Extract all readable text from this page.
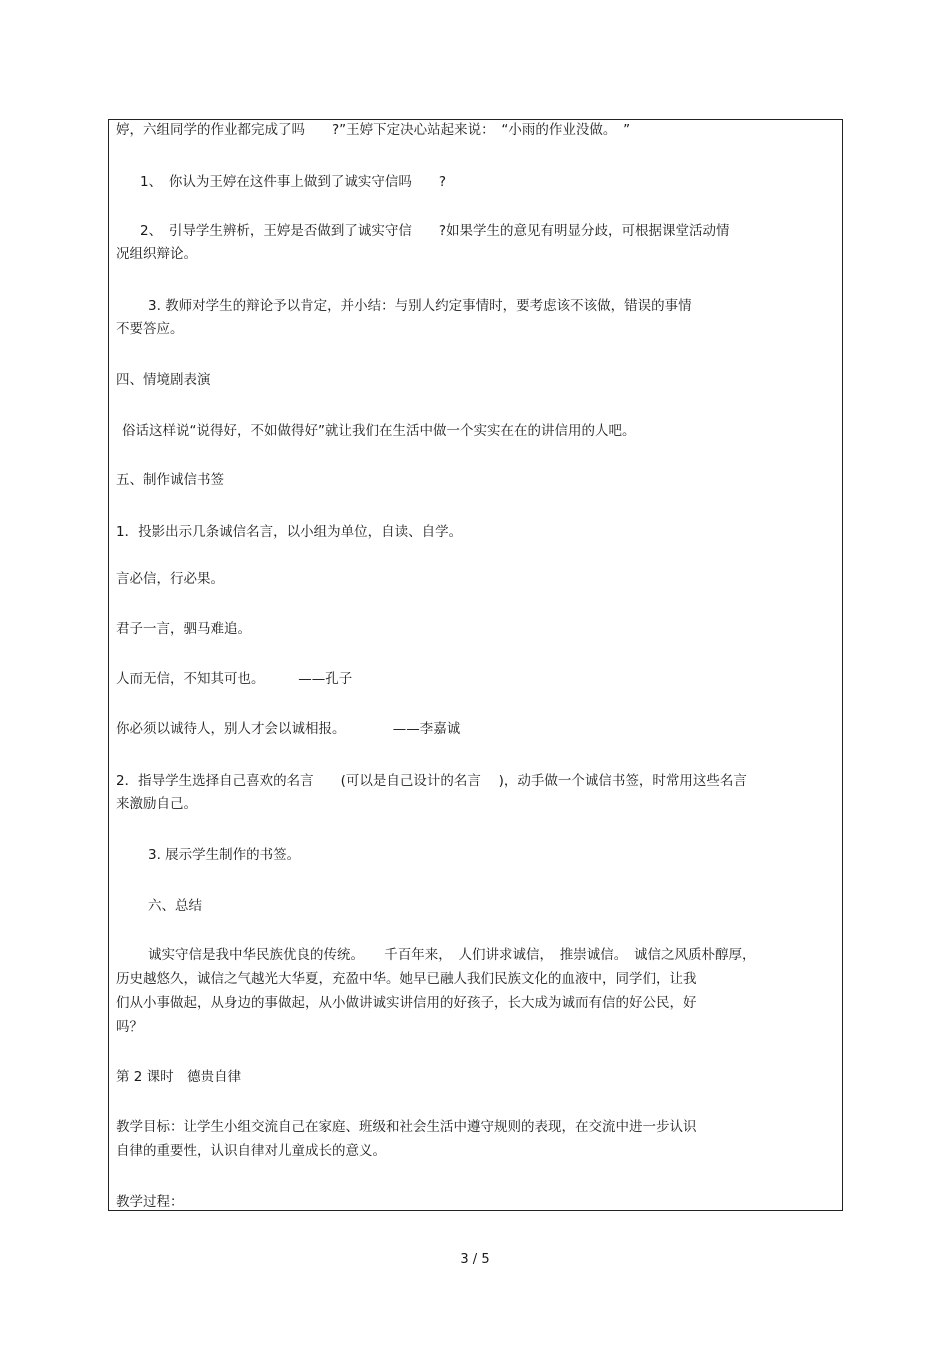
婷，六组同学的作业都完成了吗　　?”王婷下定决心站起来说：　“小雨的作业没做。　”
1、　你认为王婷在这件事上做到了诚实守信吗　　?
2、　引导学生辨析，王婷是否做到了诚实守信　　?如果学生的意见有明显分歧，可根据课堂活动情
况组织辩论。
3. 教师对学生的辩论予以肯定，并小结：与别人约定事情时，要考虑该不该做，错误的事情
不要答应。
四、情境剧表演
俗话这样说“说得好，不如做得好”就让我们在生活中做一个实实在在的讲信用的人吧。
五、制作诚信书签
1．投影出示几条诚信名言，以小组为单位，自读、自学。
言必信，行必果。
君子一言，驷马难追。
人而无信，不知其可也。　　　——孔子
你必须以诚待人，别人才会以诚相报。　　　　——李嘉诚
2．指导学生选择自己喜欢的名言　　(可以是自己设计的名言　 )，动手做一个诚信书签，时常用这些名言
来激励自己。
3. 展示学生制作的书签。
六、总结
诚实守信是我中华民族优良的传统。　　千百年来，　人们讲求诚信，　推崇诚信。　诚信之风质朴醇厚，
历史越悠久，诚信之气越光大华夏，充盈中华。她早已融人我们民族文化的血液中，同学们，让我
们从小事做起，从身边的事做起，从小做讲诚实讲信用的好孩子，长大成为诚而有信的好公民，好
吗？
第 2 课时　德贵自律
教学目标：让学生小组交流自己在家庭、班级和社会生活中遵守规则的表现，在交流中进一步认识
自律的重要性，认识自律对儿童成长的意义。
教学过程：
3 / 5
